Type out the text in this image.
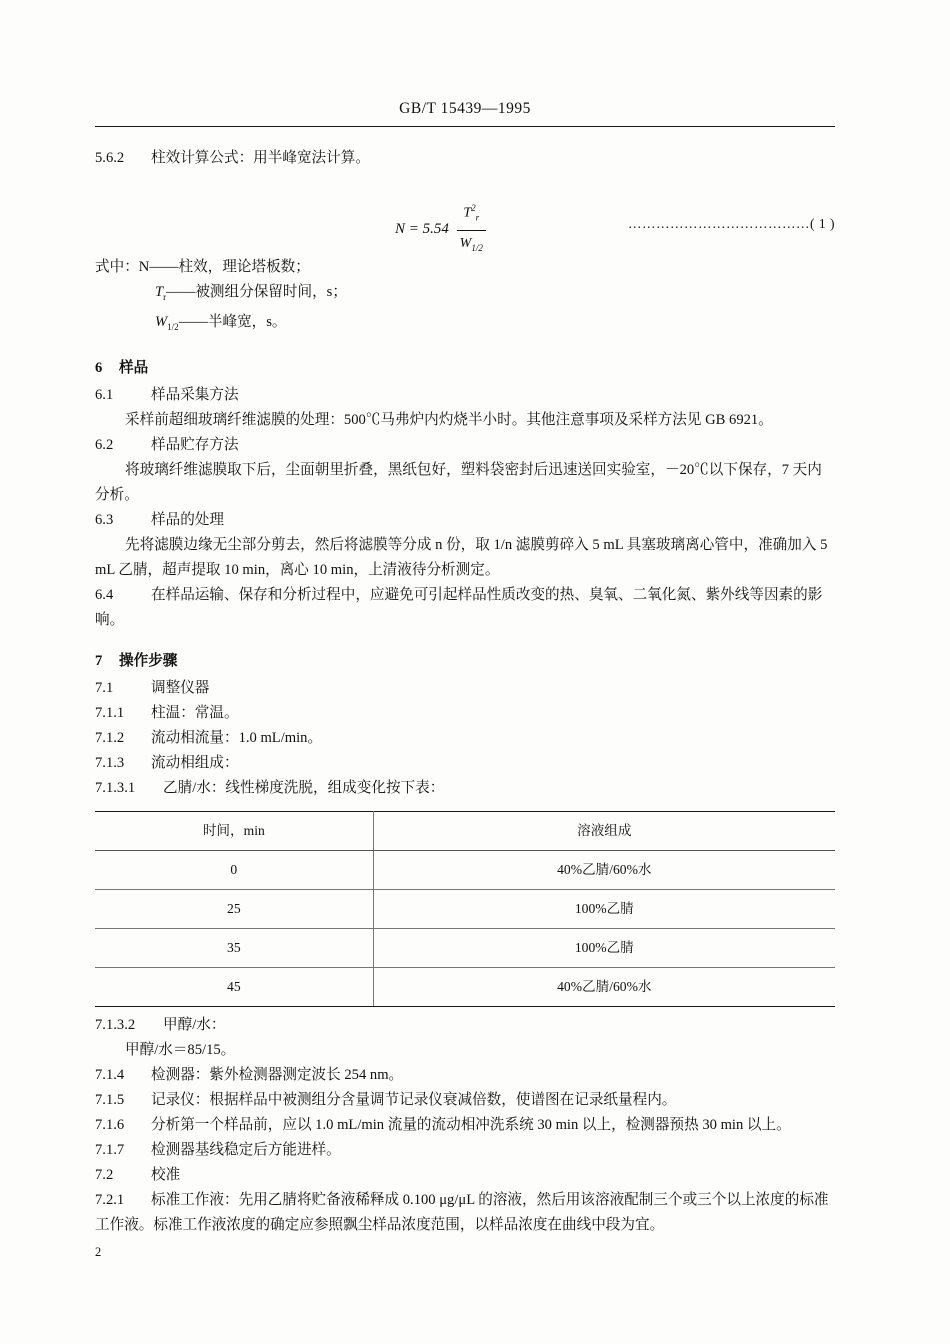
GB/T 15439—1995

5.6.2 柱效计算公式：用半峰宽法计算。

$N = 5.54 \frac{T^2_r}{W_{1/2}}$	…………………………………( 1 )

式中：N——柱效，理论塔板数；

$T_r——$被测组分保留时间，s；

$W_{1/2}——$半峰宽，s。

6 样品

6.1	样品采集方法

采样前超细玻璃纤维滤膜的处理：500℃马弗炉内灼烧半小时。其他注意事项及采样方法见 GB 6921。

6.2	样品贮存方法

将玻璃纤维滤膜取下后，尘面朝里折叠，黑纸包好，塑料袋密封后迅速送回实验室，－20℃以下保存，7 天内分析。

6.3	样品的处理

先将滤膜边缘无尘部分剪去，然后将滤膜等分成 n 份，取 1/n 滤膜剪碎入 5 mL 具塞玻璃离心管中，准确加入 5 mL 乙腈，超声提取 10 min，离心 10 min，上清液待分析测定。

6.4	在样品运输、保存和分析过程中，应避免可引起样品性质改变的热、臭氧、二氧化氮、紫外线等因素的影响。

7 操作步骤

7.1	调整仪器

7.1.1 柱温：常温。

7.1.2 流动相流量：1.0 mL/min。

7.1.3 流动相组成：

7.1.3.1 乙腈/水：线性梯度洗脱，组成变化按下表：

时间，min	溶液组成
0	40%乙腈/60%水
25	100%乙腈
35	100%乙腈
45	40%乙腈/60%水

7.1.3.2 甲醇/水：

甲醇/水＝85/15。

7.1.4 检测器：紫外检测器测定波长 254 nm。

7.1.5 记录仪：根据样品中被测组分含量调节记录仪衰减倍数，使谱图在记录纸量程内。

7.1.6 分析第一个样品前，应以 1.0 mL/min 流量的流动相冲洗系统 30 min 以上，检测器预热 30 min 以上。

7.1.7 检测器基线稳定后方能进样。

7.2	校准

7.2.1 标准工作液：先用乙腈将贮备液稀释成 0.100 μg/μL 的溶液，然后用该溶液配制三个或三个以上浓度的标准工作液。标准工作液浓度的确定应参照飘尘样品浓度范围，以样品浓度在曲线中段为宜。

2
